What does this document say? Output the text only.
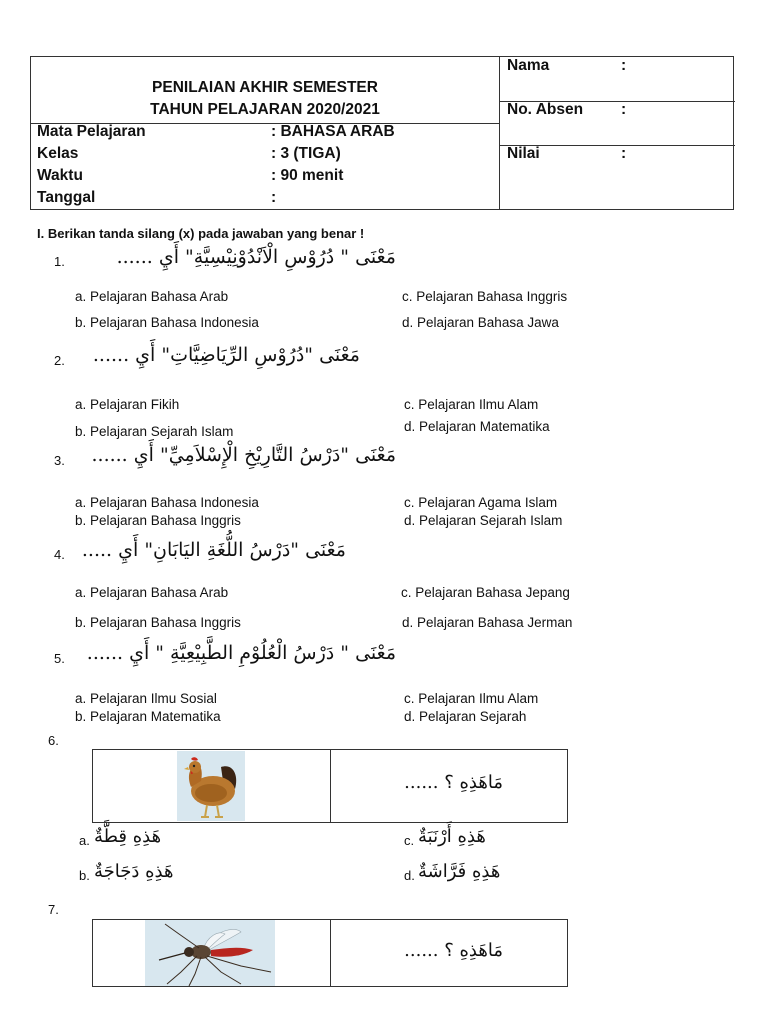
PENILAIAN AKHIR SEMESTER
TAHUN PELAJARAN 2020/2021
Mata Pelajaran	: BAHASA ARAB
Kelas	: 3 (TIGA)
Waktu	: 90 menit
Tanggal	:
Nama	:
No. Absen :
Nilai	:
I. Berikan tanda silang (x) pada jawaban yang benar !
1.	مَعْنَى " دُرُوْسِ الْاَنْدُوْنِيْسِيَّةِ" أَيِ ......
a. Pelajaran Bahasa Arab
b. Pelajaran Bahasa Indonesia
c. Pelajaran Bahasa Inggris
d. Pelajaran Bahasa Jawa
2.	مَعْنَى "دُرُوْسِ الرِّيَاضِيَّاتِ" أَيِ ......
a. Pelajaran Fikih
b. Pelajaran Sejarah Islam
c. Pelajaran Ilmu Alam
d. Pelajaran Matematika
3.	مَعْنَى "دَرْسُ التَّارِيْخِ الْإِسْلاَمِيِّ" أَيِ ......
a. Pelajaran Bahasa Indonesia
b. Pelajaran Bahasa Inggris
c. Pelajaran Agama Islam
d. Pelajaran Sejarah Islam
4. مَعْنَى "دَرْسُ اللُّغَةِ اليَابَانِ" أَيِ .....
a. Pelajaran Bahasa Arab
b. Pelajaran Bahasa Inggris
c. Pelajaran Bahasa Jepang
d. Pelajaran Bahasa Jerman
5.	مَعْنَى " دَرْسُ الْعُلُوْمِ الطَّبِيْعِيَّةِ " أَيِ ......
a. Pelajaran Ilmu Sosial
b. Pelajaran Matematika
c. Pelajaran Ilmu Alam
d. Pelajaran Sejarah
6.
مَاهَذِهِ ؟ ......
a. هَذِهِ قِطَّةٌ
b. هَذِهِ دَجَاجَةٌ
c. هَذِهِ أَرْنَبَةٌ
d. هَذِهِ فَرَّاشَةٌ
7.
مَاهَذِهِ ؟ ......
